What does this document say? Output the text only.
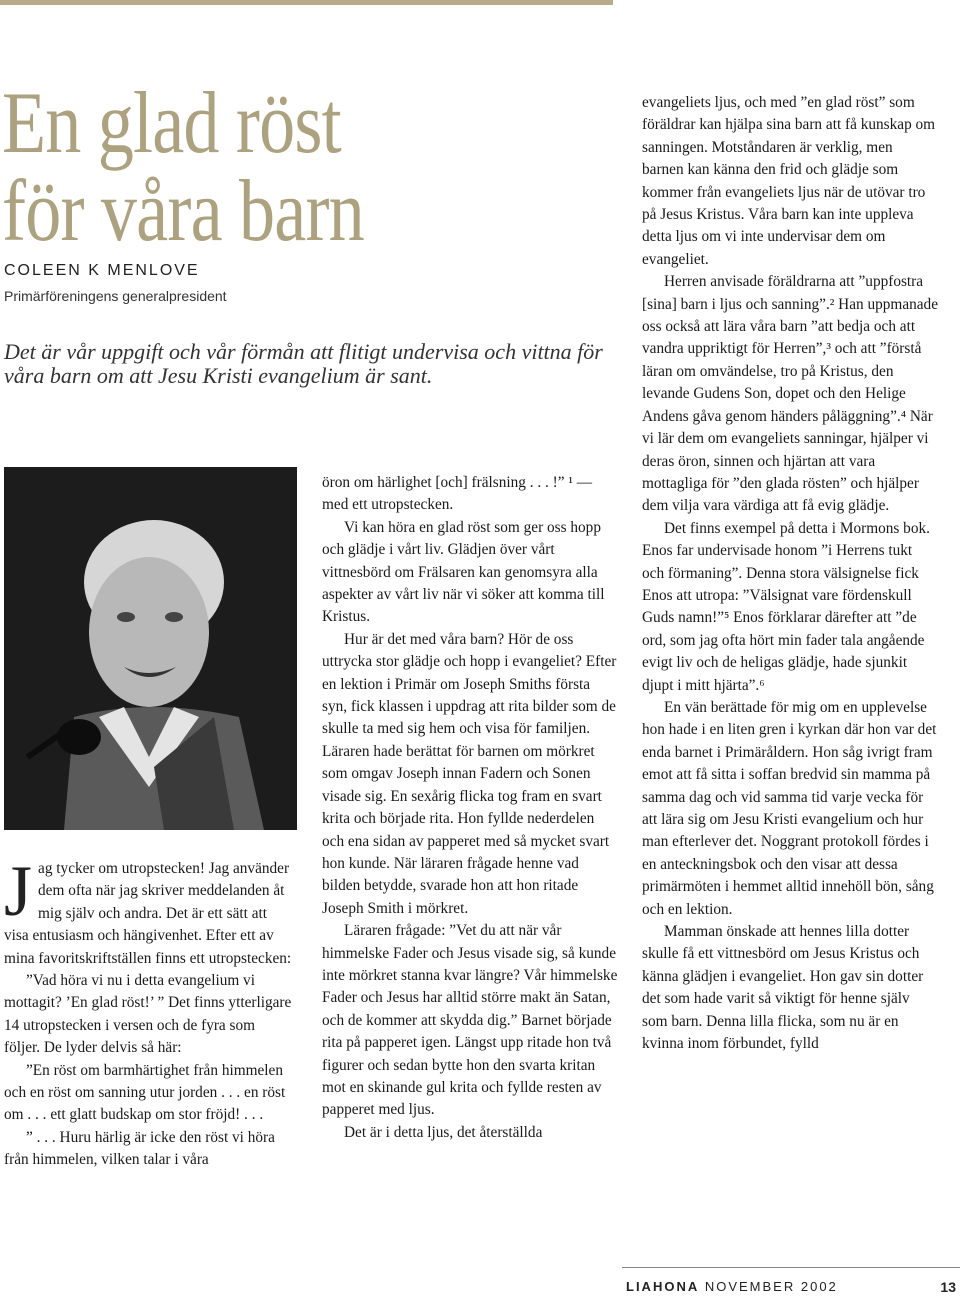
En glad röst
för våra barn
COLEEN K MENLOVE
Primärföreningens generalpresident
Det är vår uppgift och vår förmån att flitigt undervisa och vittna för våra barn om att Jesu Kristi evangelium är sant.

Jag tycker om utropstecken! Jag använder dem ofta när jag skriver meddelanden åt mig själv och andra. Det är ett sätt att visa entusiasm och hängivenhet. Efter ett av mina favoritskriftställen finns ett utropstecken:

”Vad höra vi nu i detta evangelium vi mottagit? ’En glad röst!’ ” Det finns ytterligare 14 utropstecken i versen och de fyra som följer. De lyder delvis så här:

”En röst om barmhärtighet från himmelen och en röst om sanning utur jorden . . . en röst om . . . ett glatt budskap om stor fröjd! . . .

” . . . Huru härlig är icke den röst vi höra från himmelen, vilken talar i våra

öron om härlighet [och] frälsning . . . !” ¹ — med ett utropstecken.

Vi kan höra en glad röst som ger oss hopp och glädje i vårt liv. Glädjen över vårt vittnesbörd om Frälsaren kan genomsyra alla aspekter av vårt liv när vi söker att komma till Kristus.

Hur är det med våra barn? Hör de oss uttrycka stor glädje och hopp i evangeliet? Efter en lektion i Primär om Joseph Smiths första syn, fick klassen i uppdrag att rita bilder som de skulle ta med sig hem och visa för familjen. Läraren hade berättat för barnen om mörkret som omgav Joseph innan Fadern och Sonen visade sig. En sexårig flicka tog fram en svart krita och började rita. Hon fyllde nederdelen och ena sidan av papperet med så mycket svart hon kunde. När läraren frågade henne vad bilden betydde, svarade hon att hon ritade Joseph Smith i mörkret.

Läraren frågade: ”Vet du att när vår himmelske Fader och Jesus visade sig, så kunde inte mörkret stanna kvar längre? Vår himmelske Fader och Jesus har alltid större makt än Satan, och de kommer att skydda dig.” Barnet började rita på papperet igen. Längst upp ritade hon två figurer och sedan bytte hon den svarta kritan mot en skinande gul krita och fyllde resten av papperet med ljus.

Det är i detta ljus, det återställda

evangeliets ljus, och med ”en glad röst” som föräldrar kan hjälpa sina barn att få kunskap om sanningen. Motståndaren är verklig, men barnen kan känna den frid och glädje som kommer från evangeliets ljus när de utövar tro på Jesus Kristus. Våra barn kan inte uppleva detta ljus om vi inte undervisar dem om evangeliet.

Herren anvisade föräldrarna att ”uppfostra [sina] barn i ljus och sanning”.² Han uppmanade oss också att lära våra barn ”att bedja och att vandra uppriktigt för Herren”,³ och att ”förstå läran om omvändelse, tro på Kristus, den levande Gudens Son, dopet och den Helige Andens gåva genom händers påläggning”.⁴ När vi lär dem om evangeliets sanningar, hjälper vi deras öron, sinnen och hjärtan att vara mottagliga för ”den glada rösten” och hjälper dem vilja vara värdiga att få evig glädje.

Det finns exempel på detta i Mormons bok. Enos far undervisade honom ”i Herrens tukt och förmaning”. Denna stora välsignelse fick Enos att utropa: ”Välsignat vare fördenskull Guds namn!”⁵ Enos förklarar därefter att ”de ord, som jag ofta hört min fader tala angående evigt liv och de heligas glädje, hade sjunkit djupt i mitt hjärta”.⁶

En vän berättade för mig om en upplevelse hon hade i en liten gren i kyrkan där hon var det enda barnet i Primäråldern. Hon såg ivrigt fram emot att få sitta i soffan bredvid sin mamma på samma dag och vid samma tid varje vecka för att lära sig om Jesu Kristi evangelium och hur man efterlever det. Noggrant protokoll fördes i en anteckningsbok och den visar att dessa primärmöten i hemmet alltid innehöll bön, sång och en lektion.

Mamman önskade att hennes lilla dotter skulle få ett vittnesbörd om Jesus Kristus och känna glädjen i evangeliet. Hon gav sin dotter det som hade varit så viktigt för henne själv som barn. Denna lilla flicka, som nu är en kvinna inom förbundet, fylld

LIAHONA NOVEMBER 2002	13
